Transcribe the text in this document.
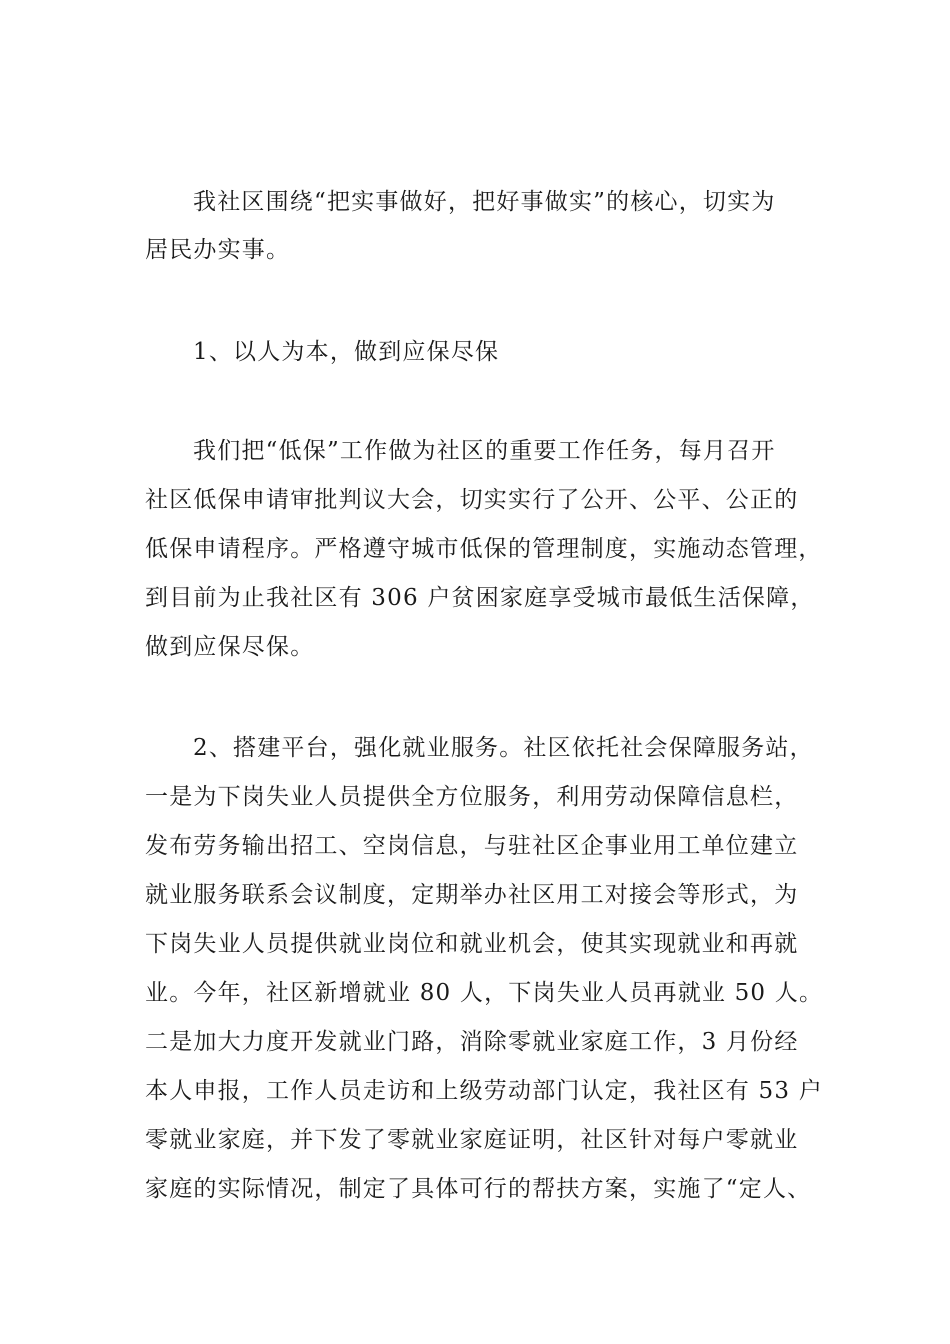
我社区围绕“把实事做好，把好事做实”的核心，切实为
居民办实事。
1、以人为本，做到应保尽保
我们把“低保”工作做为社区的重要工作任务，每月召开
社区低保申请审批判议大会，切实实行了公开、公平、公正的
低保申请程序。严格遵守城市低保的管理制度，实施动态管理，
到目前为止我社区有 306 户贫困家庭享受城市最低生活保障，
做到应保尽保。
2、搭建平台，强化就业服务。社区依托社会保障服务站，
一是为下岗失业人员提供全方位服务，利用劳动保障信息栏，
发布劳务输出招工、空岗信息，与驻社区企事业用工单位建立
就业服务联系会议制度，定期举办社区用工对接会等形式，为
下岗失业人员提供就业岗位和就业机会，使其实现就业和再就
业。今年，社区新增就业 80 人，下岗失业人员再就业 50 人。
二是加大力度开发就业门路，消除零就业家庭工作，3 月份经
本人申报，工作人员走访和上级劳动部门认定，我社区有 53 户
零就业家庭，并下发了零就业家庭证明，社区针对每户零就业
家庭的实际情况，制定了具体可行的帮扶方案，实施了“定人、
